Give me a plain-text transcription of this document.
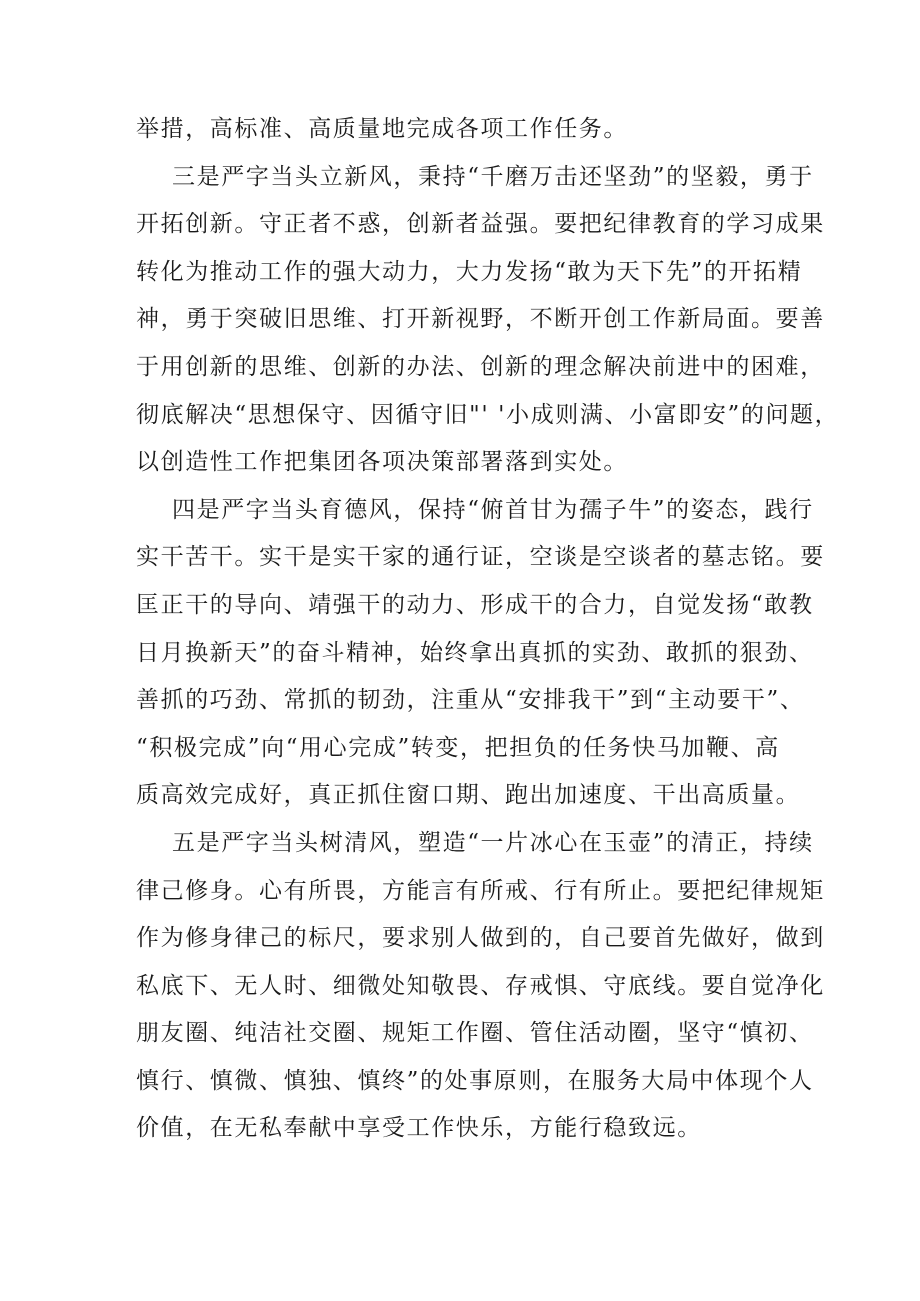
举措，高标准、高质量地完成各项工作任务。
三是严字当头立新风，秉持“千磨万击还坚劲”的坚毅，勇于
开拓创新。守正者不惑，创新者益强。要把纪律教育的学习成果
转化为推动工作的强大动力，大力发扬“敢为天下先”的开拓精
神，勇于突破旧思维、打开新视野，不断开创工作新局面。要善
于用创新的思维、创新的办法、创新的理念解决前进中的困难，
彻底解决“思想保守、因循守旧"' '小成则满、小富即安”的问题，
以创造性工作把集团各项决策部署落到实处。
四是严字当头育德风，保持“俯首甘为孺子牛”的姿态，践行
实干苦干。实干是实干家的通行证，空谈是空谈者的墓志铭。要
匡正干的导向、靖强干的动力、形成干的合力，自觉发扬“敢教
日月换新天”的奋斗精神，始终拿出真抓的实劲、敢抓的狠劲、
善抓的巧劲、常抓的韧劲，注重从“安排我干”到“主动要干”、
“积极完成”向“用心完成”转变，把担负的任务快马加鞭、高
质高效完成好，真正抓住窗口期、跑出加速度、干出高质量。
五是严字当头树清风，塑造“一片冰心在玉壶”的清正，持续
律己修身。心有所畏，方能言有所戒、行有所止。要把纪律规矩
作为修身律己的标尺，要求别人做到的，自己要首先做好，做到
私底下、无人时、细微处知敬畏、存戒惧、守底线。要自觉净化
朋友圈、纯洁社交圈、规矩工作圈、管住活动圈，坚守“慎初、
慎行、慎微、慎独、慎终”的处事原则，在服务大局中体现个人
价值，在无私奉献中享受工作快乐，方能行稳致远。
